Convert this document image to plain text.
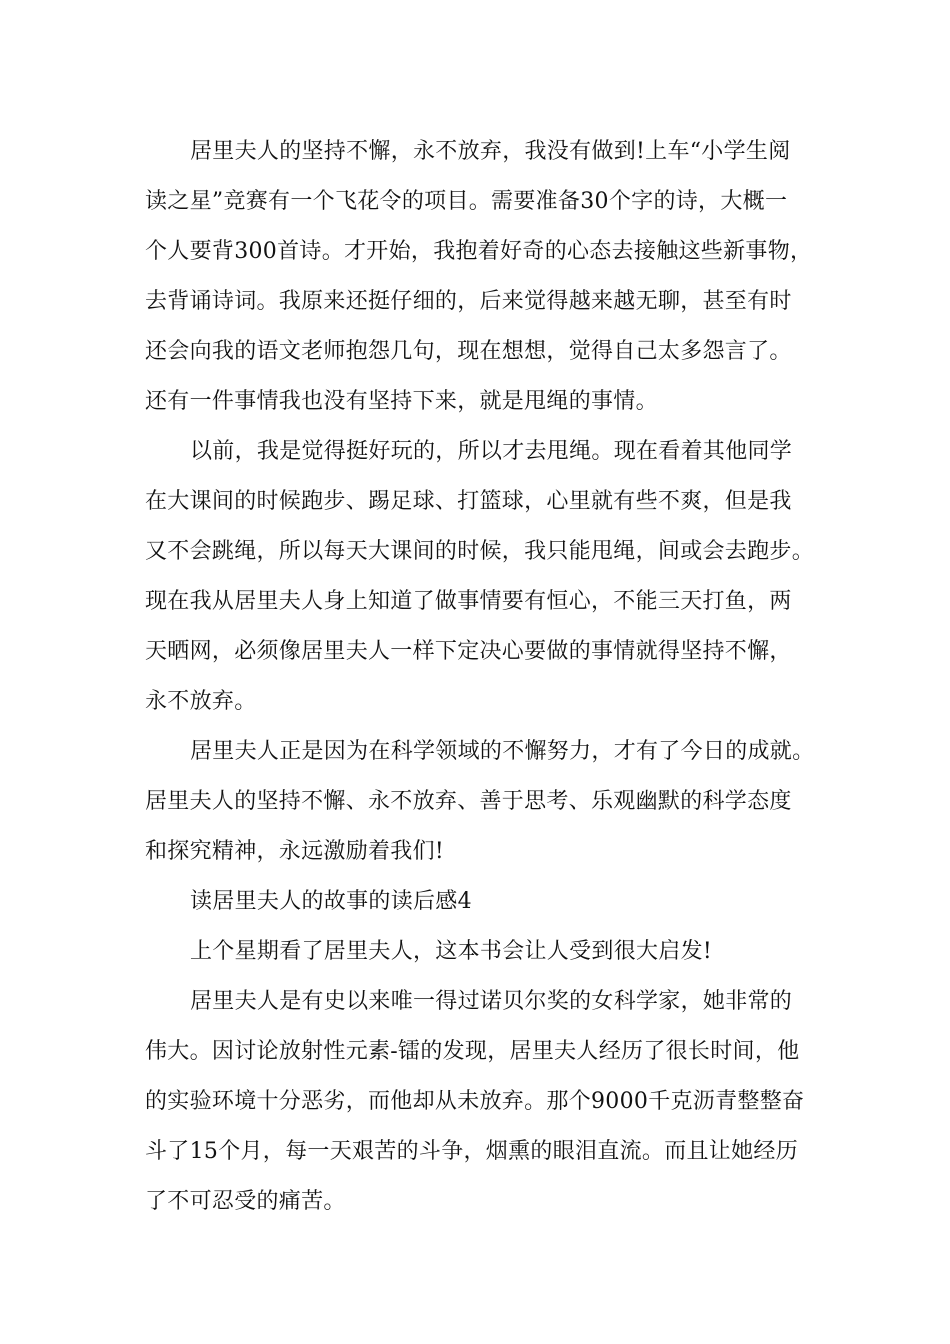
居里夫人的坚持不懈，永不放弃，我没有做到!上车“小学生阅
读之星”竞赛有一个飞花令的项目。需要准备30个字的诗，大概一
个人要背300首诗。才开始，我抱着好奇的心态去接触这些新事物，
去背诵诗词。我原来还挺仔细的，后来觉得越来越无聊，甚至有时
还会向我的语文老师抱怨几句，现在想想，觉得自己太多怨言了。
还有一件事情我也没有坚持下来，就是甩绳的事情。
以前，我是觉得挺好玩的，所以才去甩绳。现在看着其他同学
在大课间的时候跑步、踢足球、打篮球，心里就有些不爽，但是我
又不会跳绳，所以每天大课间的时候，我只能甩绳，间或会去跑步。
现在我从居里夫人身上知道了做事情要有恒心，不能三天打鱼，两
天晒网，必须像居里夫人一样下定决心要做的事情就得坚持不懈，
永不放弃。
居里夫人正是因为在科学领域的不懈努力，才有了今日的成就。
居里夫人的坚持不懈、永不放弃、善于思考、乐观幽默的科学态度
和探究精神，永远激励着我们!
读居里夫人的故事的读后感4
上个星期看了居里夫人，这本书会让人受到很大启发!
居里夫人是有史以来唯一得过诺贝尔奖的女科学家，她非常的
伟大。因讨论放射性元素-镭的发现，居里夫人经历了很长时间，他
的实验环境十分恶劣，而他却从未放弃。那个9000千克沥青整整奋
斗了15个月，每一天艰苦的斗争，烟熏的眼泪直流。而且让她经历
了不可忍受的痛苦。
